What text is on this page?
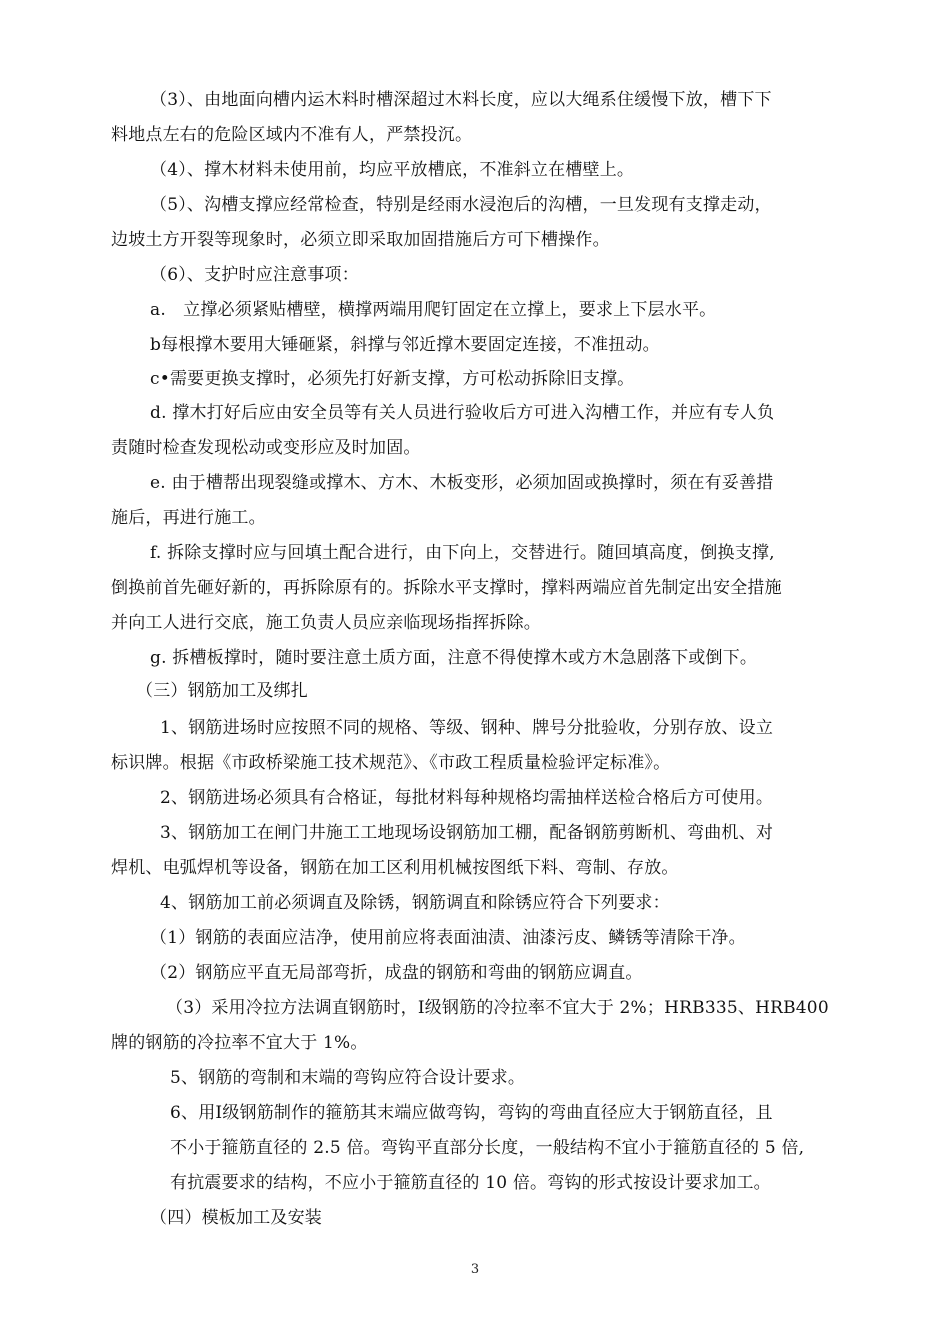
（3）、由地面向槽内运木料时槽深超过木料长度，应以大绳系住缓慢下放，槽下下
料地点左右的危险区域内不准有人，严禁投沉。
（4）、撑木材料未使用前，均应平放槽底，不准斜立在槽壁上。
（5）、沟槽支撑应经常检查，特别是经雨水浸泡后的沟槽，一旦发现有支撑走动，
边坡土方开裂等现象时，必须立即采取加固措施后方可下槽操作。
（6）、支护时应注意事项：
a.　立撑必须紧贴槽壁，横撑两端用爬钉固定在立撑上，要求上下层水平。
b每根撑木要用大锤砸紧，斜撑与邻近撑木要固定连接，不准扭动。
c•需要更换支撑时，必须先打好新支撑，方可松动拆除旧支撑。
d. 撑木打好后应由安全员等有关人员进行验收后方可进入沟槽工作，并应有专人负
责随时检查发现松动或变形应及时加固。
e. 由于槽帮出现裂缝或撑木、方木、木板变形，必须加固或换撑时，须在有妥善措
施后，再进行施工。
f. 拆除支撑时应与回填土配合进行，由下向上，交替进行。随回填高度，倒换支撑,
倒换前首先砸好新的，再拆除原有的。拆除水平支撑时，撑料两端应首先制定出安全措施
并向工人进行交底，施工负责人员应亲临现场指挥拆除。
g. 拆槽板撑时，随时要注意土质方面，注意不得使撑木或方木急剧落下或倒下。
（三）钢筋加工及绑扎
1、钢筋进场时应按照不同的规格、等级、钢种、牌号分批验收，分别存放、设立
标识牌。根据《市政桥梁施工技术规范》、《市政工程质量检验评定标准》。
2、钢筋进场必须具有合格证，每批材料每种规格均需抽样送检合格后方可使用。
3、钢筋加工在闸门井施工工地现场设钢筋加工棚，配备钢筋剪断机、弯曲机、对
焊机、电弧焊机等设备，钢筋在加工区利用机械按图纸下料、弯制、存放。
4、钢筋加工前必须调直及除锈，钢筋调直和除锈应符合下列要求：
（1）钢筋的表面应洁净，使用前应将表面油渍、油漆污皮、鳞锈等清除干净。
（2）钢筋应平直无局部弯折，成盘的钢筋和弯曲的钢筋应调直。
（3）采用冷拉方法调直钢筋时，I级钢筋的冷拉率不宜大于 2%；HRB335、HRB400
牌的钢筋的冷拉率不宜大于 1%。
5、钢筋的弯制和末端的弯钩应符合设计要求。
6、用I级钢筋制作的箍筋其末端应做弯钩，弯钩的弯曲直径应大于钢筋直径，且
不小于箍筋直径的 2.5 倍。弯钩平直部分长度，一般结构不宜小于箍筋直径的 5 倍,
有抗震要求的结构，不应小于箍筋直径的 10 倍。弯钩的形式按设计要求加工。
（四）模板加工及安装
3
